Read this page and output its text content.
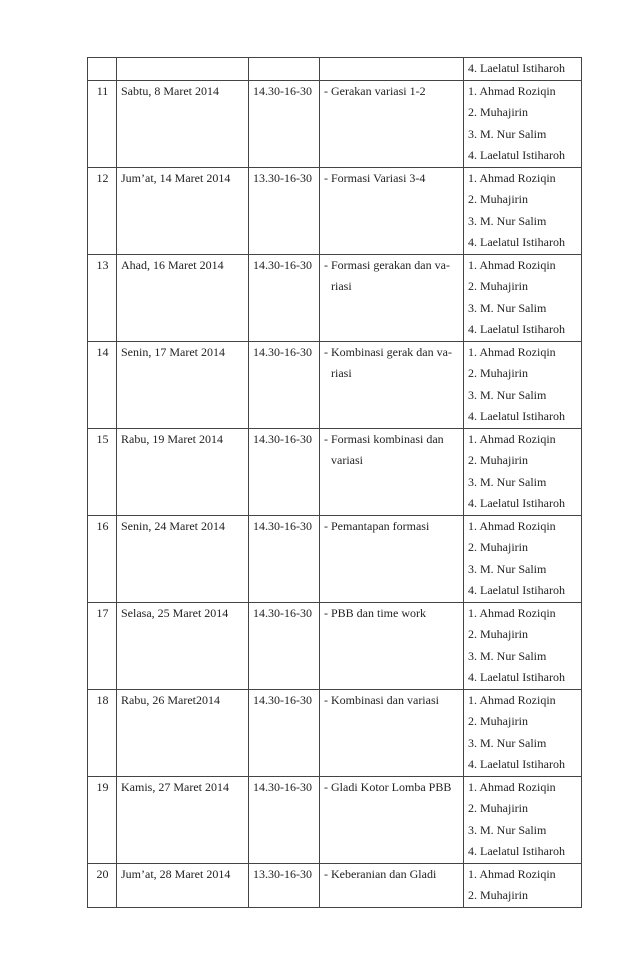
				4. Laelatul Istiharoh

11	Sabtu, 8 Maret 2014	14.30-16-30	- Gerakan variasi 1-2	1. Ahmad Roziqin
2. Muhajirin
3. M. Nur Salim
4. Laelatul Istiharoh

12	Jum’at, 14 Maret 2014	13.30-16-30	- Formasi Variasi 3-4	1. Ahmad Roziqin
2. Muhajirin
3. M. Nur Salim
4. Laelatul Istiharoh

13	Ahad, 16 Maret 2014	14.30-16-30	- Formasi gerakan dan va-
riasi	1. Ahmad Roziqin
2. Muhajirin
3. M. Nur Salim
4. Laelatul Istiharoh

14	Senin, 17 Maret 2014	14.30-16-30	- Kombinasi gerak dan va-
riasi	1. Ahmad Roziqin
2. Muhajirin
3. M. Nur Salim
4. Laelatul Istiharoh

15	Rabu, 19 Maret 2014	14.30-16-30	- Formasi kombinasi dan
variasi	1. Ahmad Roziqin
2. Muhajirin
3. M. Nur Salim
4. Laelatul Istiharoh

16	Senin, 24 Maret 2014	14.30-16-30	- Pemantapan formasi	1. Ahmad Roziqin
2. Muhajirin
3. M. Nur Salim
4. Laelatul Istiharoh

17	Selasa, 25 Maret 2014	14.30-16-30	- PBB dan time work	1. Ahmad Roziqin
2. Muhajirin
3. M. Nur Salim
4. Laelatul Istiharoh

18	Rabu, 26 Maret2014	14.30-16-30	- Kombinasi dan variasi	1. Ahmad Roziqin
2. Muhajirin
3. M. Nur Salim
4. Laelatul Istiharoh

19	Kamis, 27 Maret 2014	14.30-16-30	- Gladi Kotor Lomba PBB	1. Ahmad Roziqin
2. Muhajirin
3. M. Nur Salim
4. Laelatul Istiharoh

20	Jum’at, 28 Maret 2014	13.30-16-30	- Keberanian dan Gladi	1. Ahmad Roziqin
2. Muhajirin
